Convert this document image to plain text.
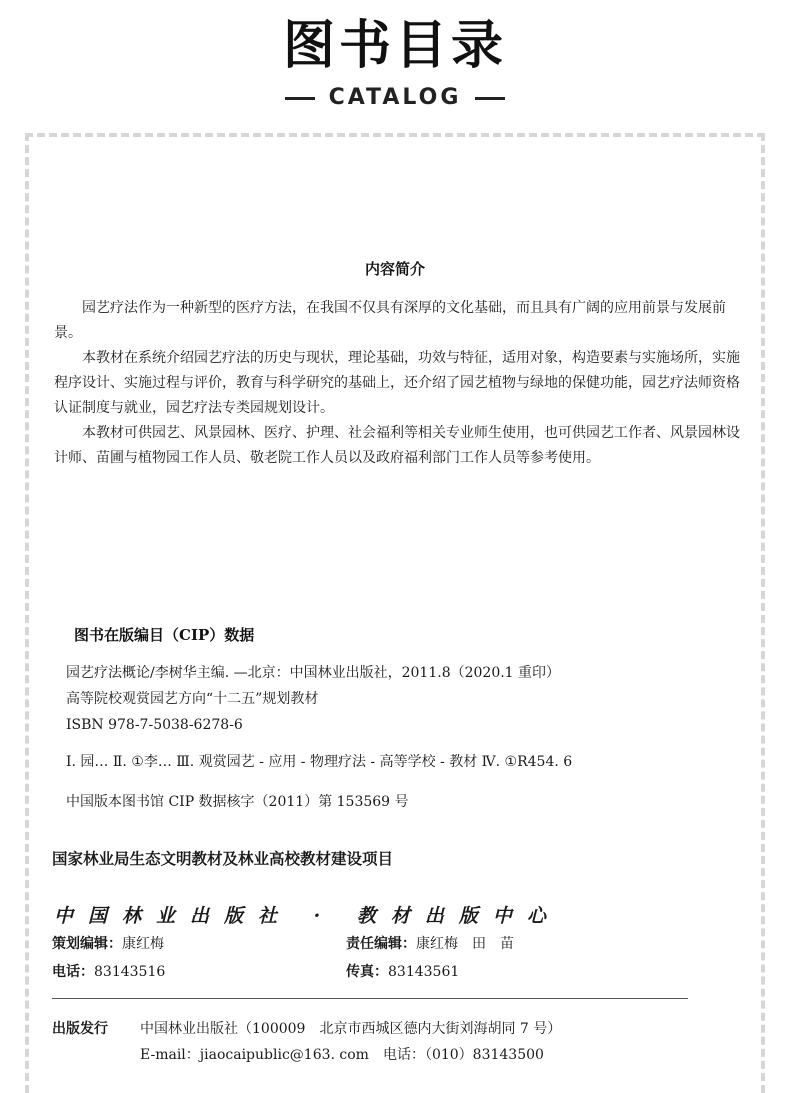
图书目录
CATALOG
内容简介
园艺疗法作为一种新型的医疗方法，在我国不仅具有深厚的文化基础，而且具有广阔的应用前景与发展前景。
本教材在系统介绍园艺疗法的历史与现状，理论基础，功效与特征，适用对象，构造要素与实施场所，实施程序设计、实施过程与评价，教育与科学研究的基础上，还介绍了园艺植物与绿地的保健功能，园艺疗法师资格认证制度与就业，园艺疗法专类园规划设计。
本教材可供园艺、风景园林、医疗、护理、社会福利等相关专业师生使用，也可供园艺工作者、风景园林设计师、苗圃与植物园工作人员、敬老院工作人员以及政府福利部门工作人员等参考使用。
图书在版编目（CIP）数据
园艺疗法概论/李树华主编. —北京：中国林业出版社，2011.8（2020.1 重印）
高等院校观赏园艺方向“十二五”规划教材
ISBN 978-7-5038-6278-6
Ⅰ. 园… Ⅱ. ①李… Ⅲ. 观赏园艺 - 应用 - 物理疗法 - 高等学校 - 教材 Ⅳ. ①R454. 6
中国版本图书馆 CIP 数据核字（2011）第 153569 号
国家林业局生态文明教材及林业高校教材建设项目
中国林业出版社 · 教材出版中心
策划编辑：康红梅	责任编辑：康红梅　田　苗
电话：83143516	传真：83143561
出版发行 中国林业出版社（100009　北京市西城区德内大街刘海胡同 7 号）
E-mail：jiaocaipublic@163. com　电话：（010）83143500
